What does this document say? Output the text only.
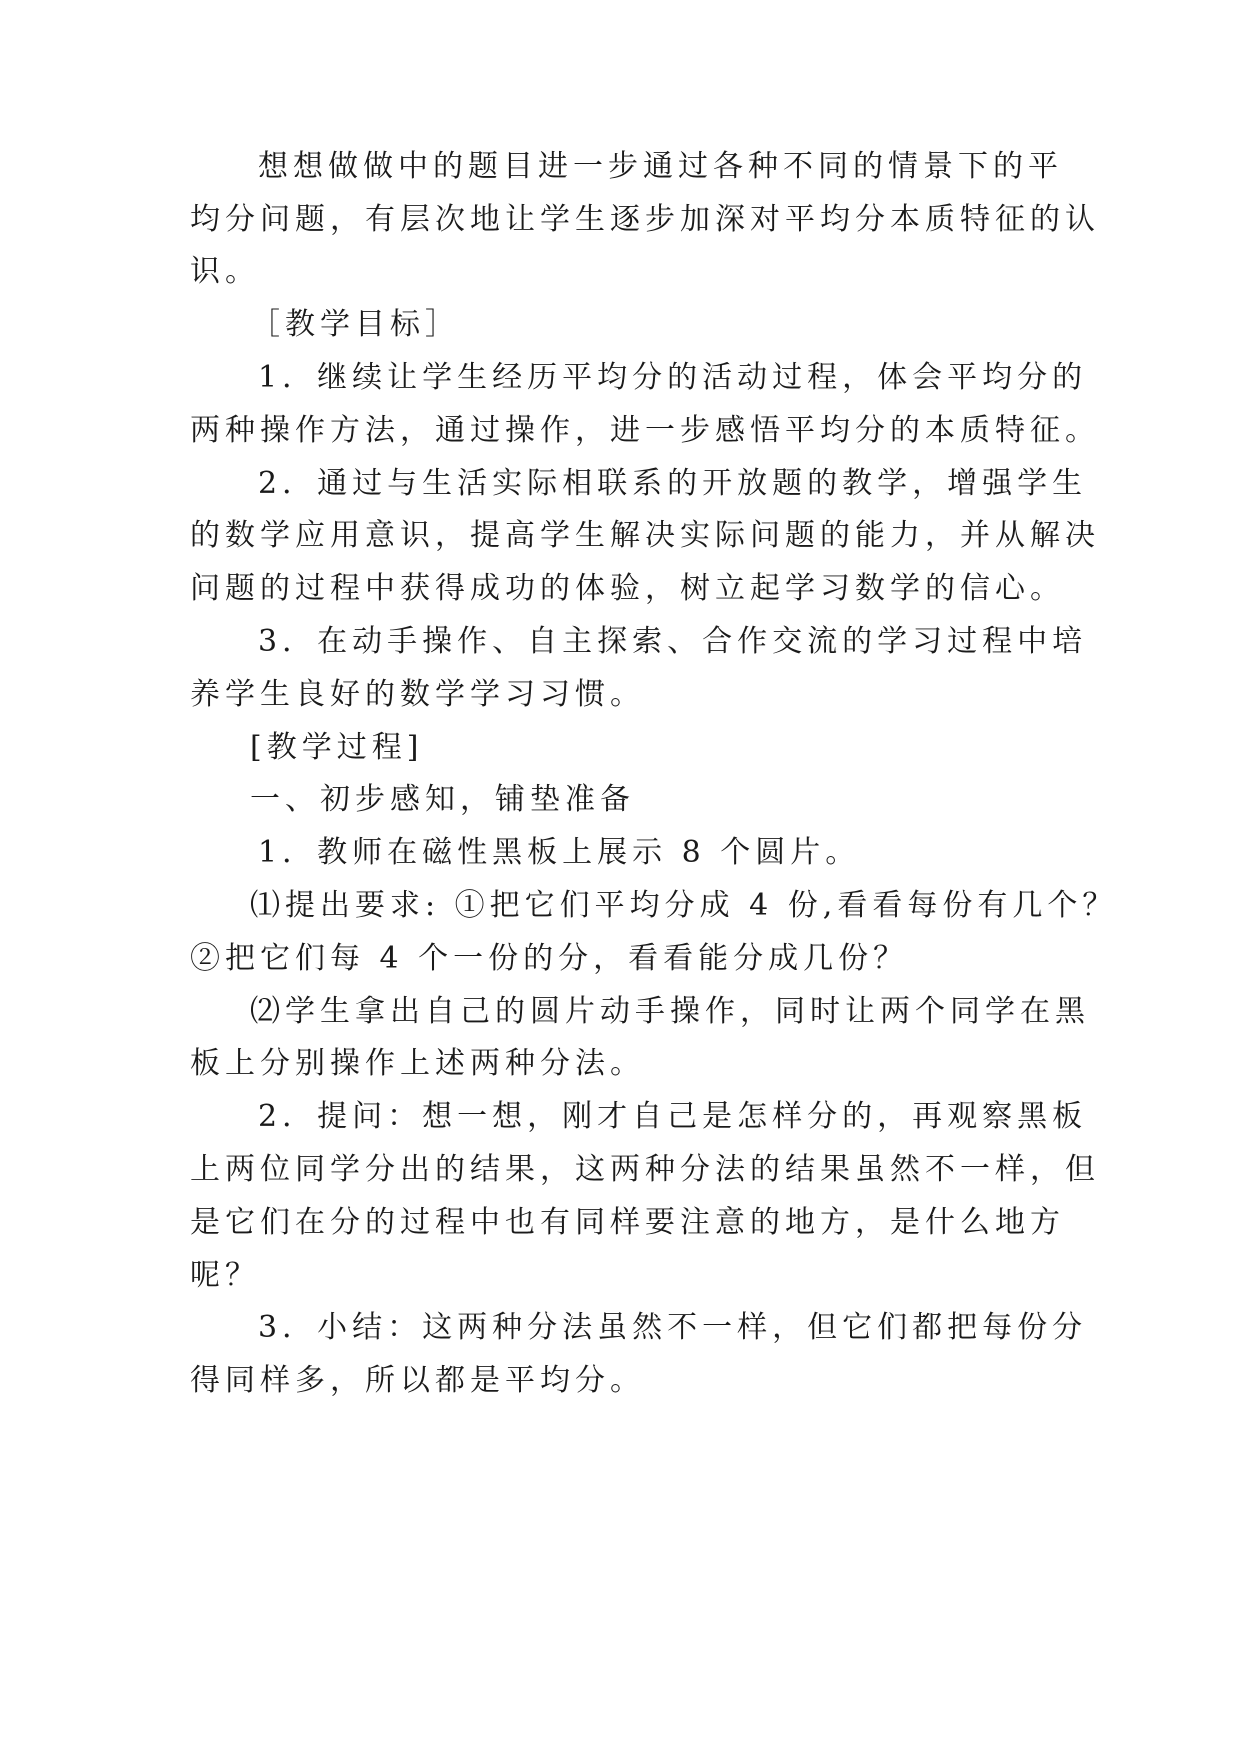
想想做做中的题目进一步通过各种不同的情景下的平
均分问题，有层次地让学生逐步加深对平均分本质特征的认
识。
［教学目标］
1．继续让学生经历平均分的活动过程，体会平均分的
两种操作方法，通过操作，进一步感悟平均分的本质特征。
2．通过与生活实际相联系的开放题的教学，增强学生
的数学应用意识，提高学生解决实际问题的能力，并从解决
问题的过程中获得成功的体验，树立起学习数学的信心。
3．在动手操作、自主探索、合作交流的学习过程中培
养学生良好的数学学习习惯。
[教学过程]
一、初步感知，铺垫准备
1．教师在磁性黑板上展示 8 个圆片。
⑴提出要求: ①把它们平均分成 4 份,看看每份有几个？
②把它们每 4 个一份的分，看看能分成几份？
⑵学生拿出自己的圆片动手操作，同时让两个同学在黑
板上分别操作上述两种分法。
2．提问：想一想，刚才自己是怎样分的，再观察黑板
上两位同学分出的结果，这两种分法的结果虽然不一样，但
是它们在分的过程中也有同样要注意的地方，是什么地方
呢？
3．小结：这两种分法虽然不一样，但它们都把每份分
得同样多，所以都是平均分。
